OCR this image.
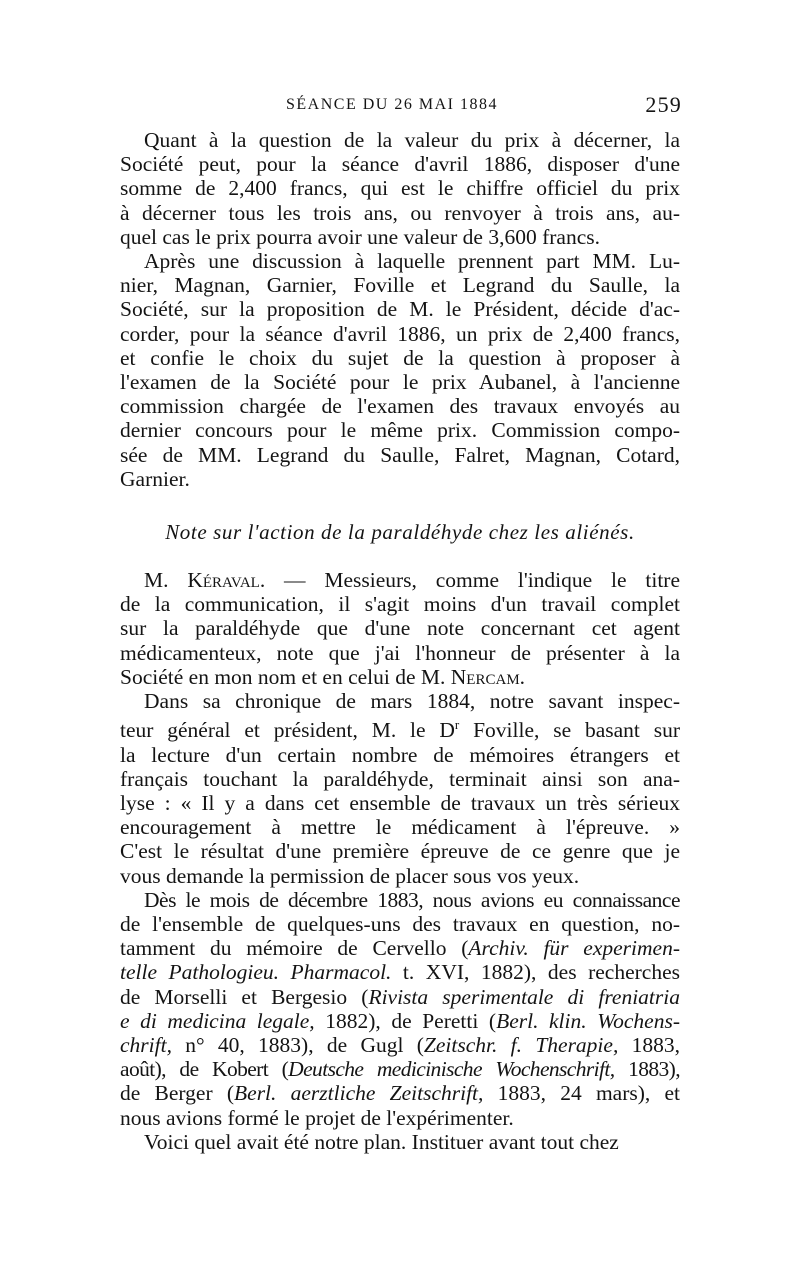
SÉANCE DU 26 MAI 1884	259
Quant à la question de la valeur du prix à décerner, la
Société peut, pour la séance d'avril 1886, disposer d'une
somme de 2,400 francs, qui est le chiffre officiel du prix
à décerner tous les trois ans, ou renvoyer à trois ans, au-
quel cas le prix pourra avoir une valeur de 3,600 francs.
Après une discussion à laquelle prennent part MM. Lu-
nier, Magnan, Garnier, Foville et Legrand du Saulle, la
Société, sur la proposition de M. le Président, décide d'ac-
corder, pour la séance d'avril 1886, un prix de 2,400 francs,
et confie le choix du sujet de la question à proposer à
l'examen de la Société pour le prix Aubanel, à l'ancienne
commission chargée de l'examen des travaux envoyés au
dernier concours pour le même prix. Commission compo-
sée de MM. Legrand du Saulle, Falret, Magnan, Cotard,
Garnier.
Note sur l'action de la paraldéhyde chez les aliénés.
M. Kéraval. — Messieurs, comme l'indique le titre
de la communication, il s'agit moins d'un travail complet
sur la paraldéhyde que d'une note concernant cet agent
médicamenteux, note que j'ai l'honneur de présenter à la
Société en mon nom et en celui de M. Nercam.
Dans sa chronique de mars 1884, notre savant inspec-
teur général et président, M. le $D^r$ Foville, se basant sur
la lecture d'un certain nombre de mémoires étrangers et
français touchant la paraldéhyde, terminait ainsi son ana-
lyse : « Il y a dans cet ensemble de travaux un très sérieux
encouragement à mettre le médicament à l'épreuve. »
C'est le résultat d'une première épreuve de ce genre que je
vous demande la permission de placer sous vos yeux.
Dès le mois de décembre 1883, nous avions eu connaissance
de l'ensemble de quelques-uns des travaux en question, no-
tamment du mémoire de Cervello (Archiv. für experimen-
telle Pathologieu. Pharmacol. t. XVI, 1882), des recherches
de Morselli et Bergesio (Rivista sperimentale di freniatria
e di medicina legale, 1882), de Peretti (Berl. klin. Wochens-
chrift, n° 40, 1883), de Gugl (Zeitschr. f. Therapie, 1883,
août), de Kobert (Deutsche medicinische Wochenschrift, 1883),
de Berger (Berl. aerztliche Zeitschrift, 1883, 24 mars), et
nous avions formé le projet de l'expérimenter.
Voici quel avait été notre plan. Instituer avant tout chez
